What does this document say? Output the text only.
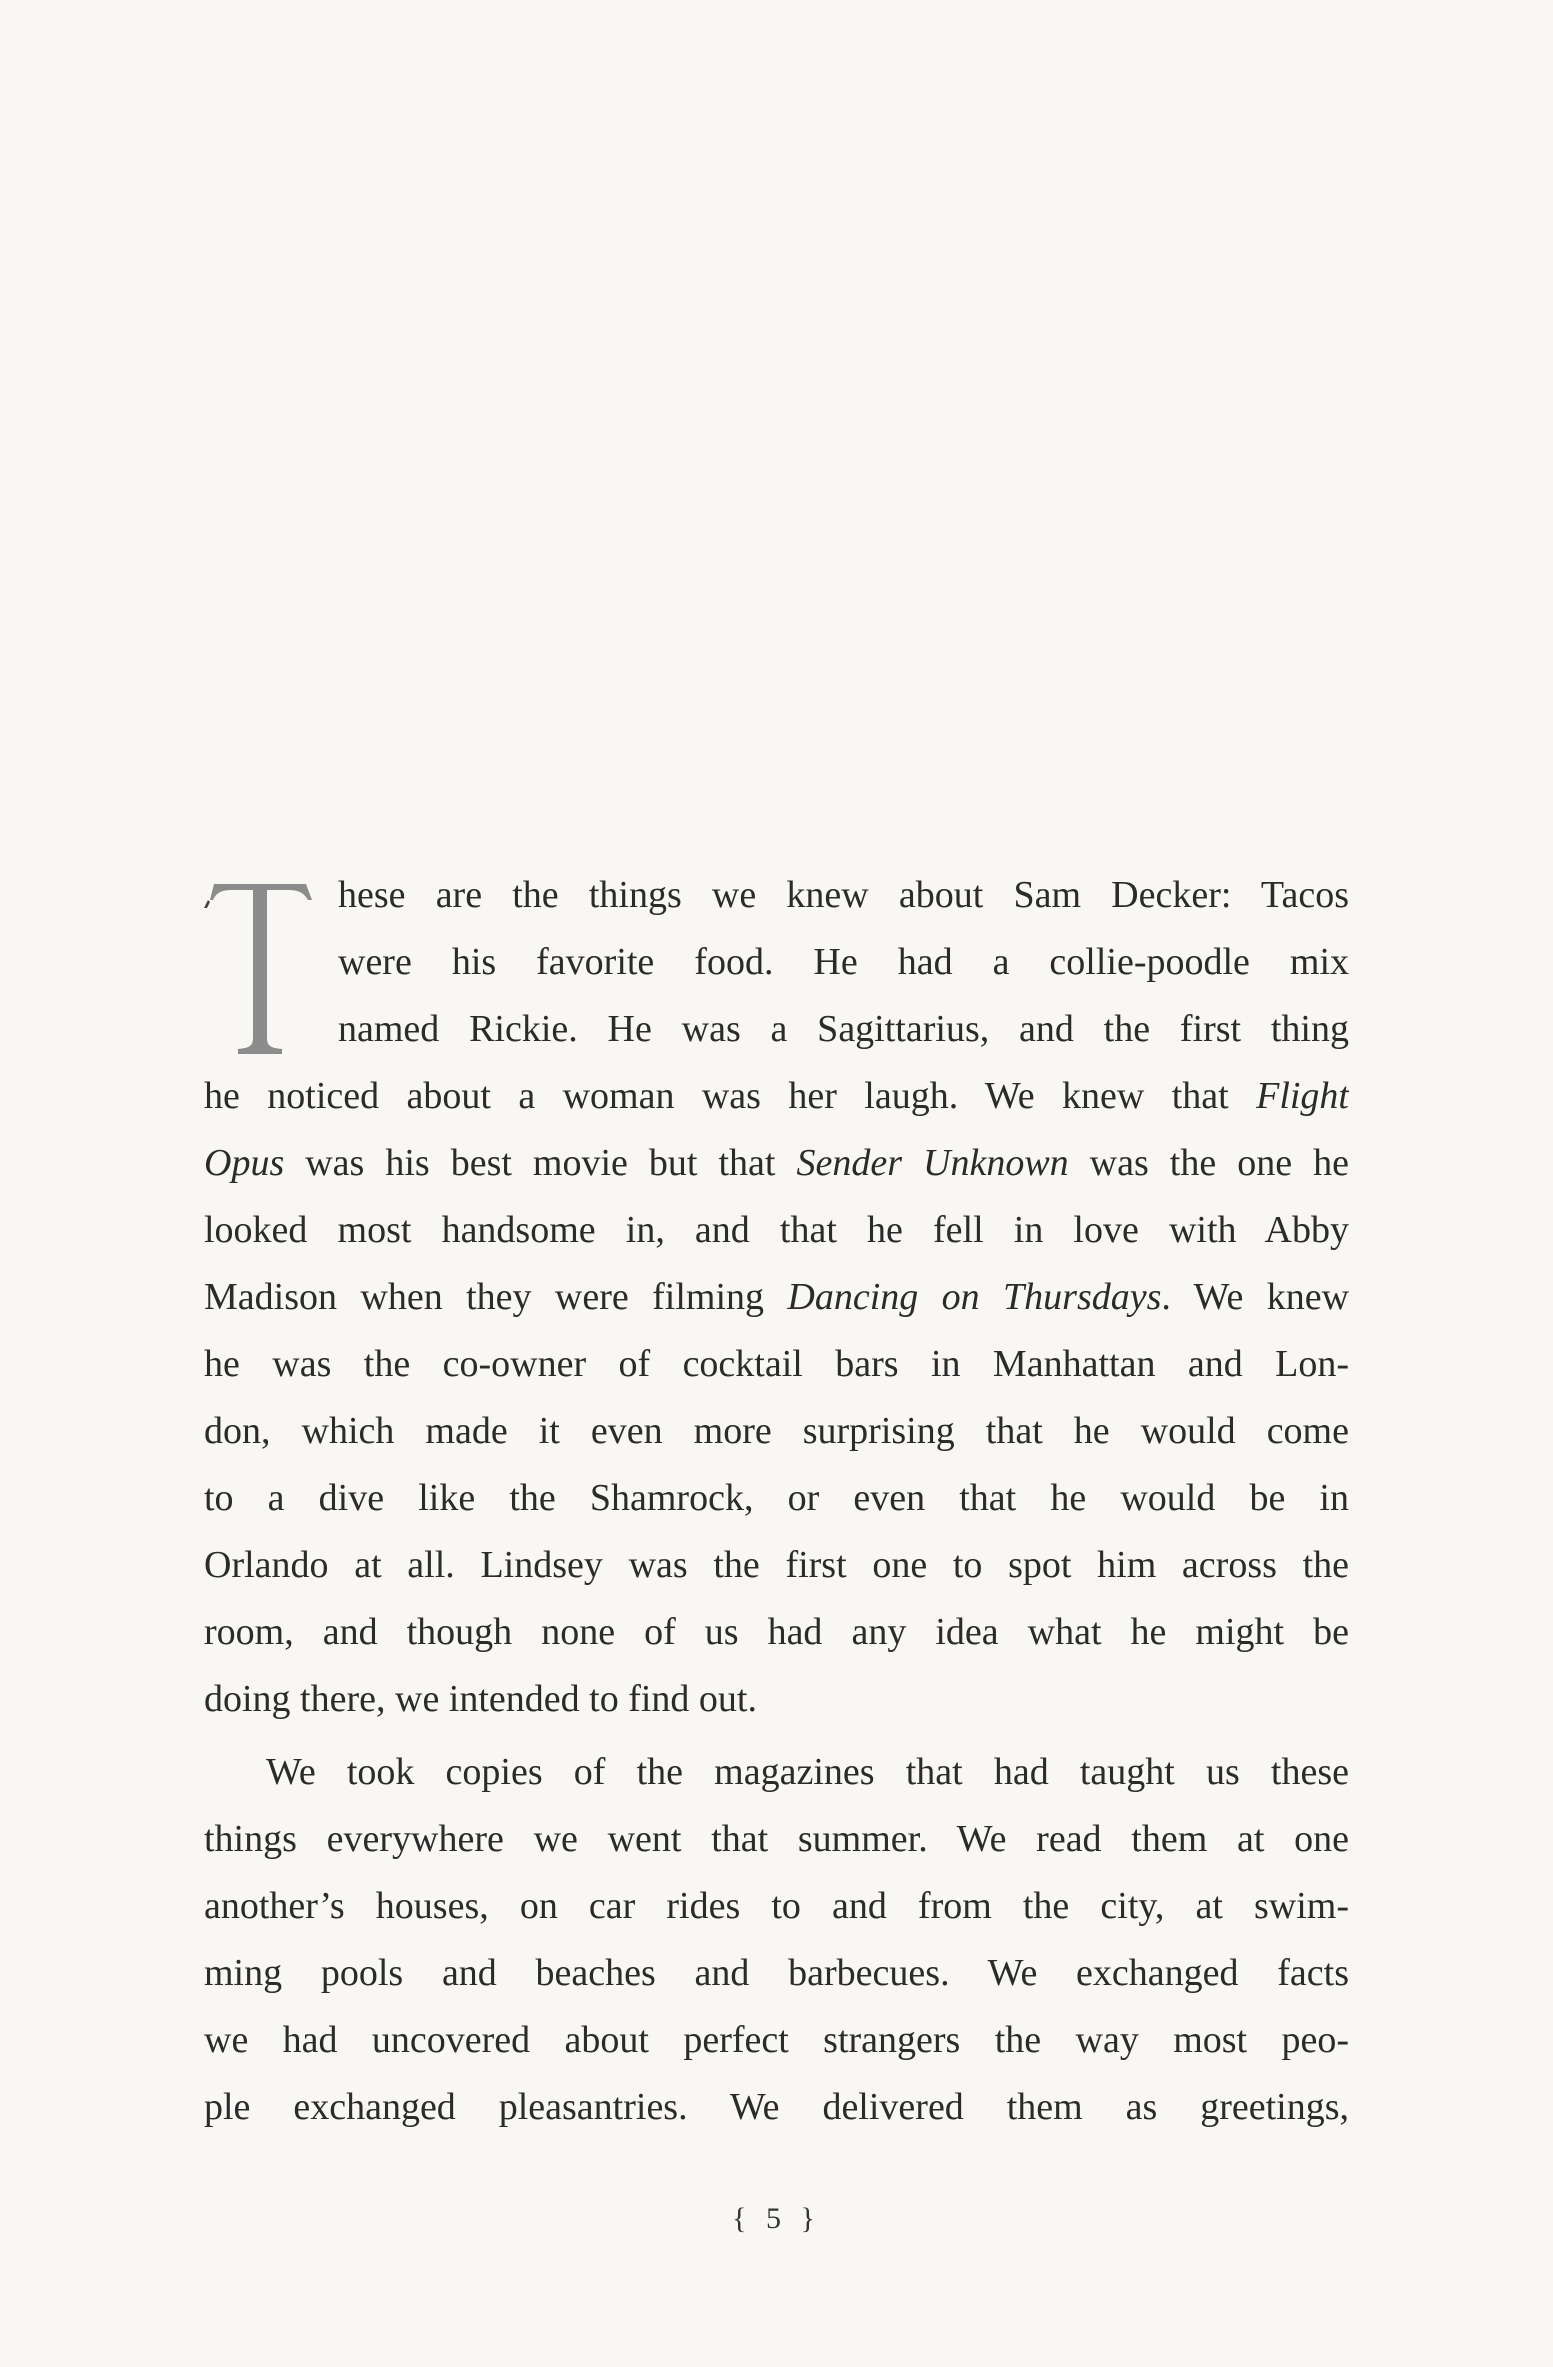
hese are the things we knew about Sam Decker: Tacos
were his favorite food. He had a collie-poodle mix
named Rickie. He was a Sagittarius, and the first thing
he noticed about a woman was her laugh. We knew that Flight
Opus was his best movie but that Sender Unknown was the one he
looked most handsome in, and that he fell in love with Abby
Madison when they were filming Dancing on Thursdays. We knew
he was the co-owner of cocktail bars in Manhattan and Lon-
don, which made it even more surprising that he would come
to a dive like the Shamrock, or even that he would be in
Orlando at all. Lindsey was the first one to spot him across the
room, and though none of us had any idea what he might be
doing there, we intended to find out.
We took copies of the magazines that had taught us these
things everywhere we went that summer. We read them at one
another’s houses, on car rides to and from the city, at swim-
ming pools and beaches and barbecues. We exchanged facts
we had uncovered about perfect strangers the way most peo-
ple exchanged pleasantries. We delivered them as greetings,
{ 5 }
